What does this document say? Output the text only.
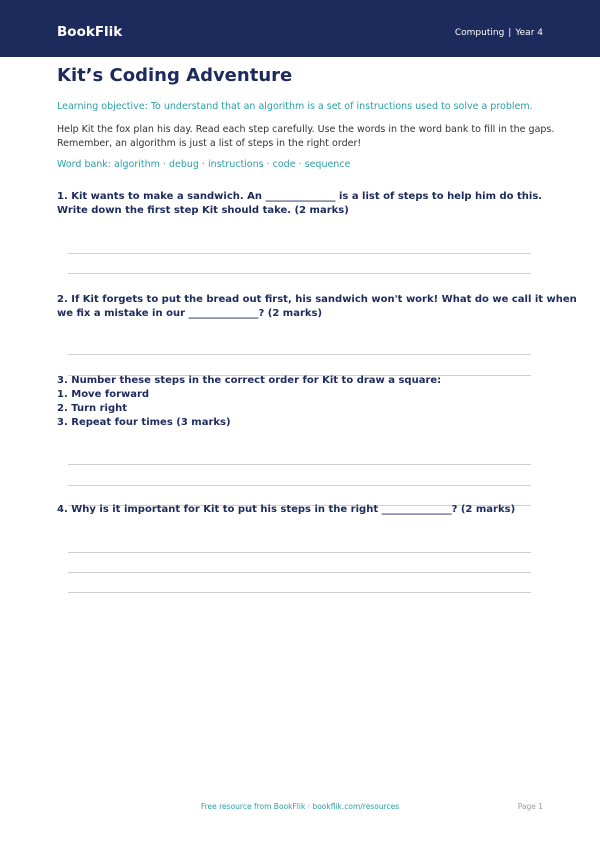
BookFlik	Computing | Year 4
Kit’s Coding Adventure
Learning objective: To understand that an algorithm is a set of instructions used to solve a problem.
Help Kit the fox plan his day. Read each step carefully. Use the words in the word bank to fill in the gaps.
Remember, an algorithm is just a list of steps in the right order!
Word bank: algorithm · debug · instructions · code · sequence
1. Kit wants to make a sandwich. An ______________ is a list of steps to help him do this.
Write down the first step Kit should take. (2 marks)
2. If Kit forgets to put the bread out first, his sandwich won't work! What do we call it when
we fix a mistake in our ______________? (2 marks)
3. Number these steps in the correct order for Kit to draw a square:
1. Move forward
2. Turn right
3. Repeat four times (3 marks)
4. Why is it important for Kit to put his steps in the right ______________? (2 marks)
Free resource from BookFlik · bookflik.com/resources	Page 1
